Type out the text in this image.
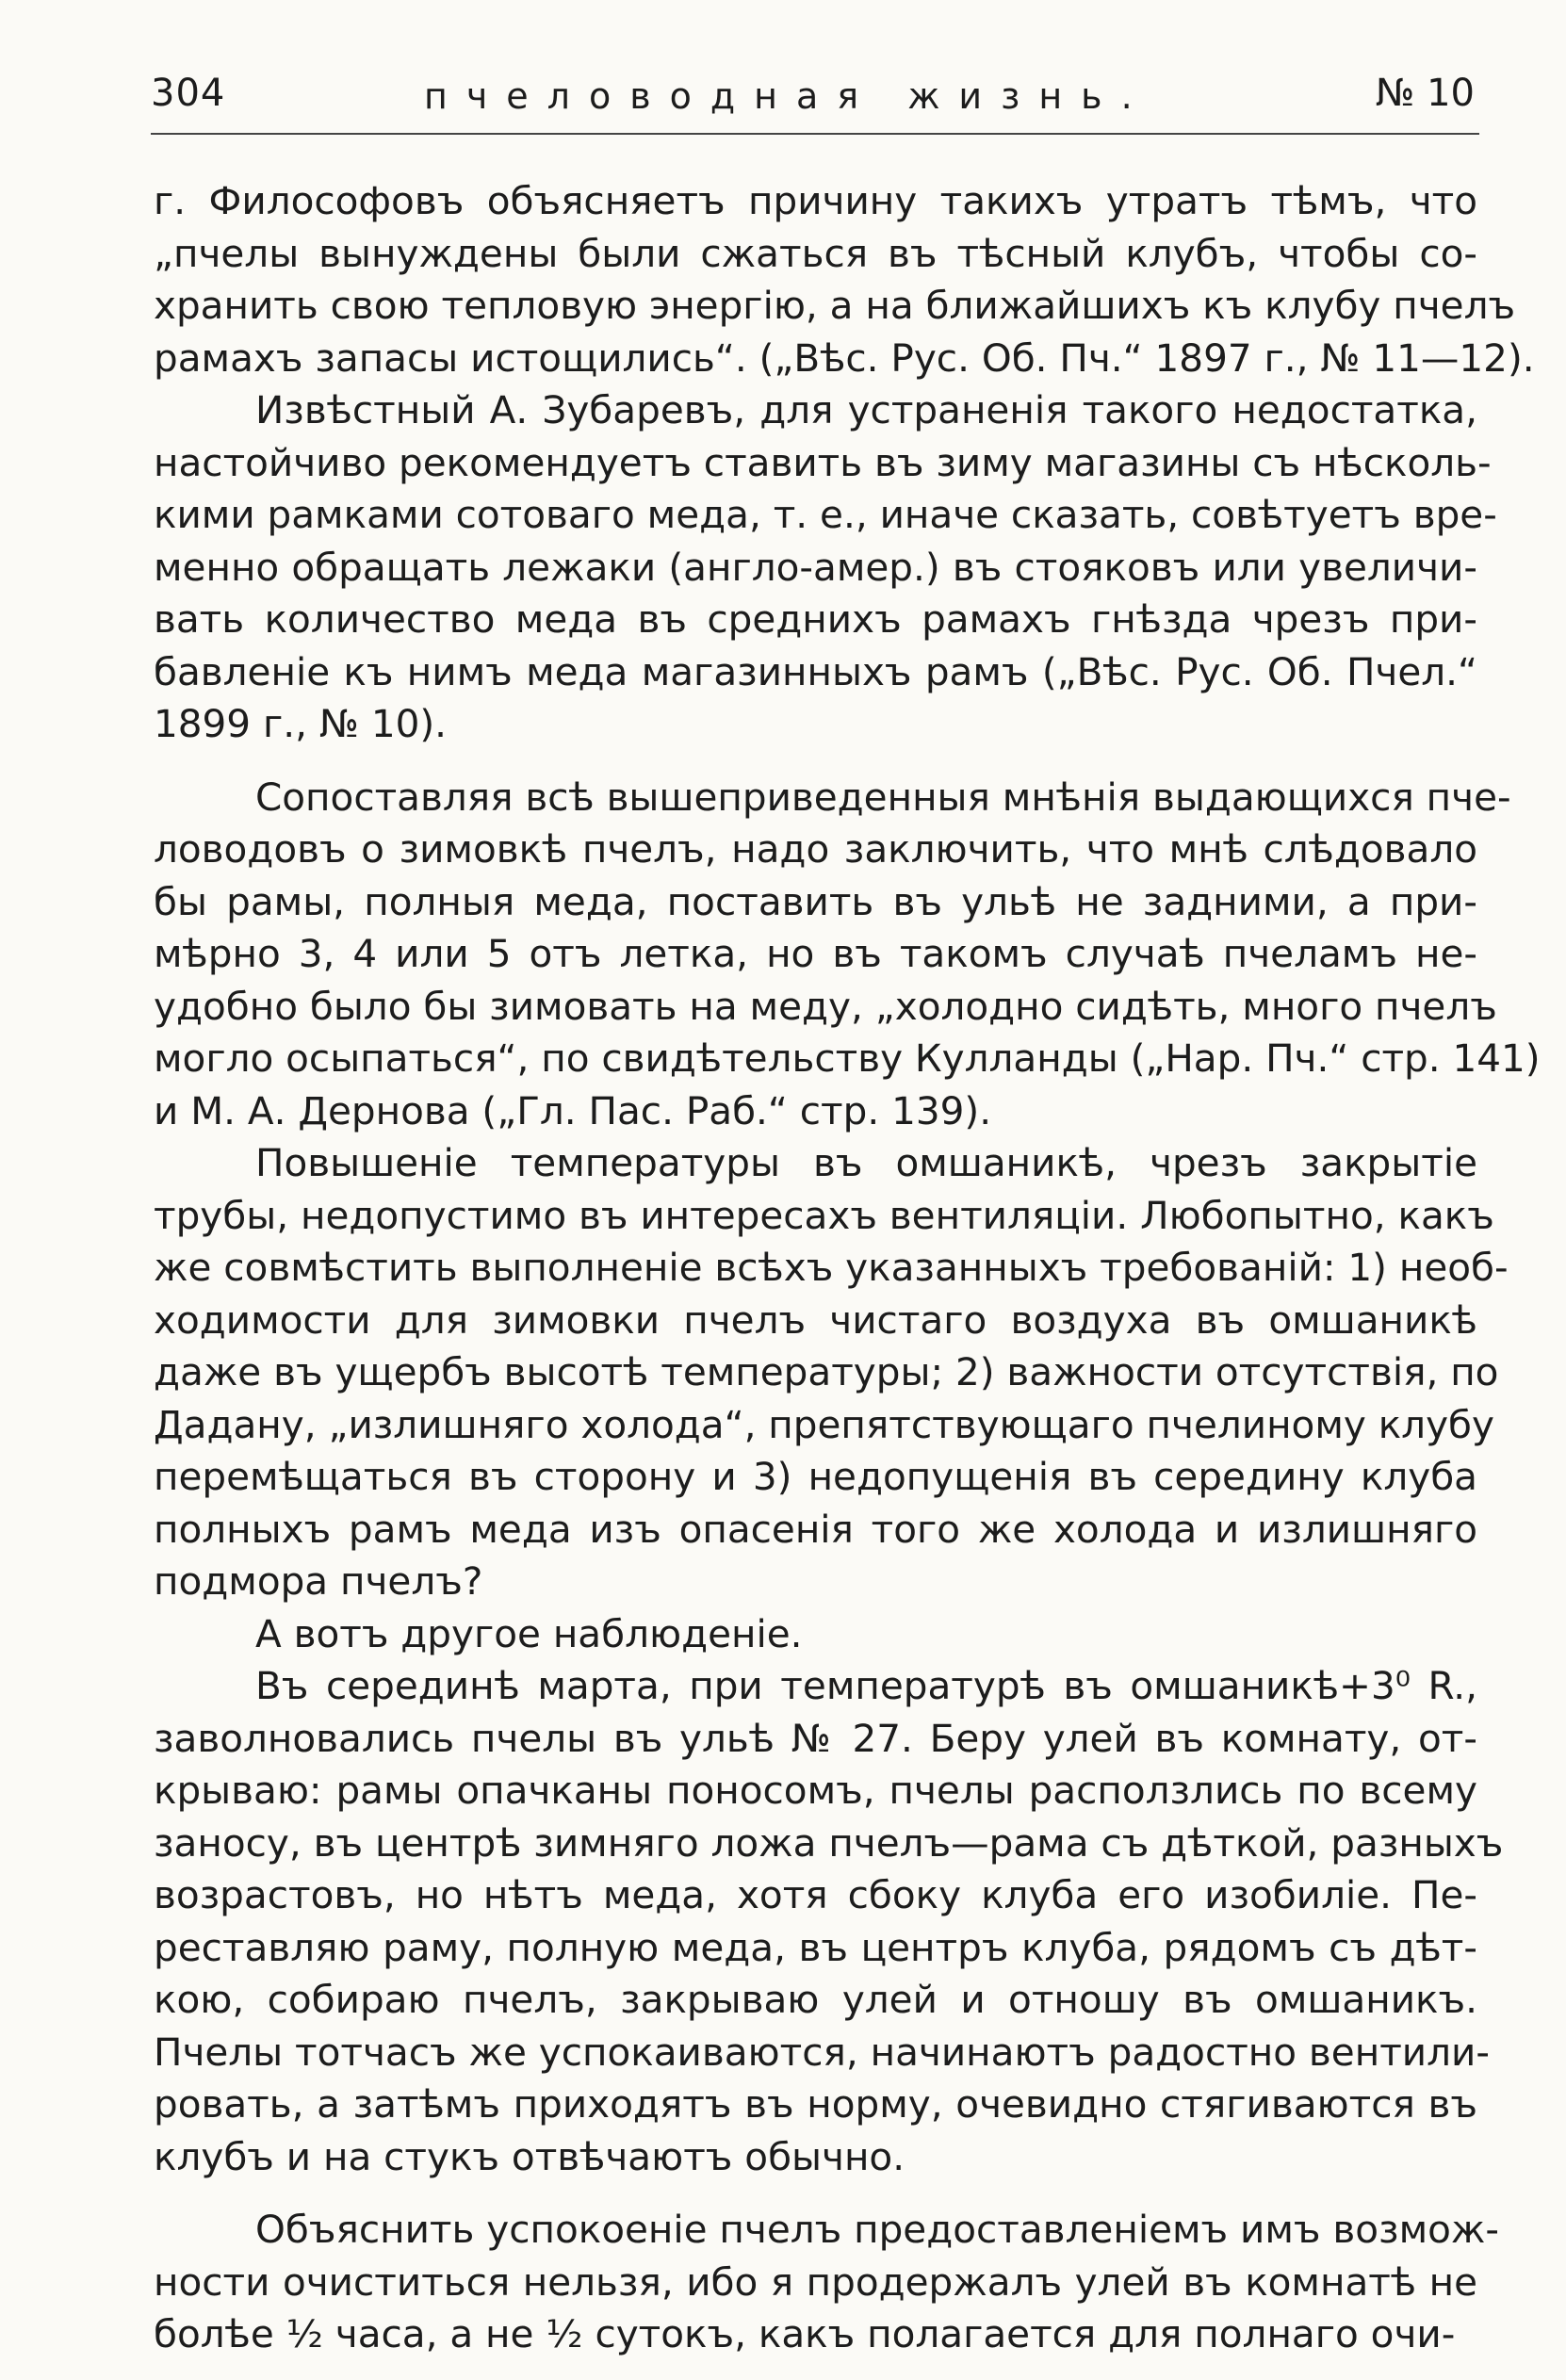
304	пчеловодная жизнь.	№ 10

г. Философовъ объясняетъ причину такихъ утратъ тѣмъ, что
„пчелы вынуждены были сжаться въ тѣсный клубъ, чтобы со-
хранить свою тепловую энергію, а на ближайшихъ къ клубу пчелъ
рамахъ запасы истощились“. („Вѣс. Рус. Об. Пч.“ 1897 г., № 11—12).

Извѣстный А. Зубаревъ, для устраненія такого недостатка,
настойчиво рекомендуетъ ставить въ зиму магазины съ нѣсколь-
кими рамками сотоваго меда, т. е., иначе сказать, совѣтуетъ вре-
менно обращать лежаки (англо-амер.) въ стояковъ или увеличи-
вать количество меда въ среднихъ рамахъ гнѣзда чрезъ при-
бавленіе къ нимъ меда магазинныхъ рамъ („Вѣс. Рус. Об. Пчел.“
1899 г., № 10).

Сопоставляя всѣ вышеприведенныя мнѣнія выдающихся пче-
ловодовъ о зимовкѣ пчелъ, надо заключить, что мнѣ слѣдовало
бы рамы, полныя меда, поставить въ ульѣ не задними, а при-
мѣрно 3, 4 или 5 отъ летка, но въ такомъ случаѣ пчеламъ не-
удобно было бы зимовать на меду, „холодно сидѣть, много пчелъ
могло осыпаться“, по свидѣтельству Кулланды („Нар. Пч.“ стр. 141)
и М. А. Дернова („Гл. Пас. Раб.“ стр. 139).

Повышеніе температуры въ омшаникѣ, чрезъ закрытіе
трубы, недопустимо въ интересахъ вентиляціи. Любопытно, какъ
же совмѣстить выполненіе всѣхъ указанныхъ требованій: 1) необ-
ходимости для зимовки пчелъ чистаго воздуха въ омшаникѣ
даже въ ущербъ высотѣ температуры; 2) важности отсутствія, по
Дадану, „излишняго холода“, препятствующаго пчелиному клубу
перемѣщаться въ сторону и 3) недопущенія въ середину клуба
полныхъ рамъ меда изъ опасенія того же холода и излишняго
подмора пчелъ?

А вотъ другое наблюденіе.

Въ серединѣ марта, при температурѣ въ омшаникѣ+3⁰ R.,
заволновались пчелы въ ульѣ № 27. Беру улей въ комнату, от-
крываю: рамы опачканы поносомъ, пчелы расползлись по всему
заносу, въ центрѣ зимняго ложа пчелъ—рама съ дѣткой, разныхъ
возрастовъ, но нѣтъ меда, хотя сбоку клуба его изобиліе. Пе-
реставляю раму, полную меда, въ центръ клуба, рядомъ съ дѣт-
кою, собираю пчелъ, закрываю улей и отношу въ омшаникъ.
Пчелы тотчасъ же успокаиваются, начинаютъ радостно вентили-
ровать, а затѣмъ приходятъ въ норму, очевидно стягиваются въ
клубъ и на стукъ отвѣчаютъ обычно.

Объяснить успокоеніе пчелъ предоставленіемъ имъ возмож-
ности очиститься нельзя, ибо я продержалъ улей въ комнатѣ не
болѣе ½ часа, а не ½ сутокъ, какъ полагается для полнаго очи-
